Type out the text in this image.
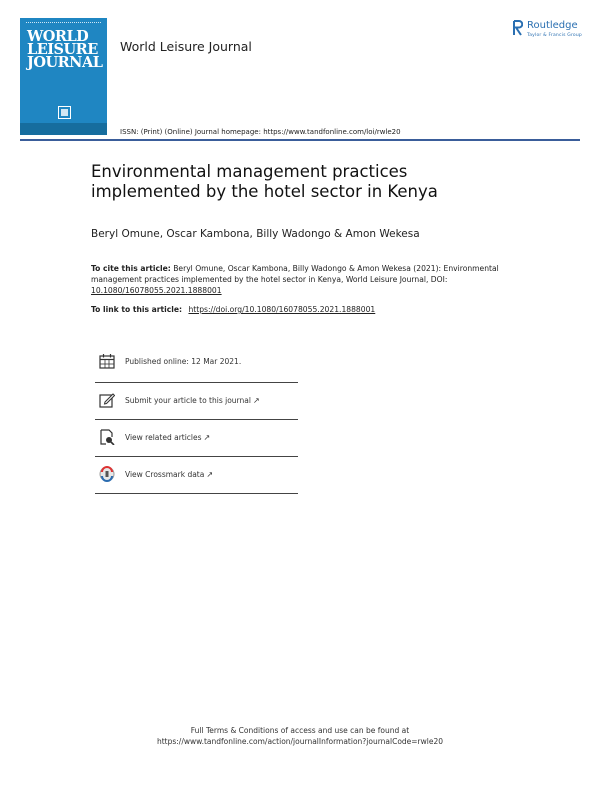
WORLD
LEISURE
JOURNAL
World Leisure Journal
Routledge
Taylor & Francis Group
ISSN: (Print) (Online) Journal homepage: https://www.tandfonline.com/loi/rwle20
Environmental management practices
implemented by the hotel sector in Kenya
Beryl Omune, Oscar Kambona, Billy Wadongo & Amon Wekesa
To cite this article: Beryl Omune, Oscar Kambona, Billy Wadongo & Amon Wekesa (2021): Environmental management practices implemented by the hotel sector in Kenya, World Leisure Journal, DOI: 10.1080/16078055.2021.1888001
To link to this article: https://doi.org/10.1080/16078055.2021.1888001
Published online: 12 Mar 2021.
Submit your article to this journal ↗
View related articles ↗
View Crossmark data ↗
Full Terms & Conditions of access and use can be found at
https://www.tandfonline.com/action/journalInformation?journalCode=rwle20
